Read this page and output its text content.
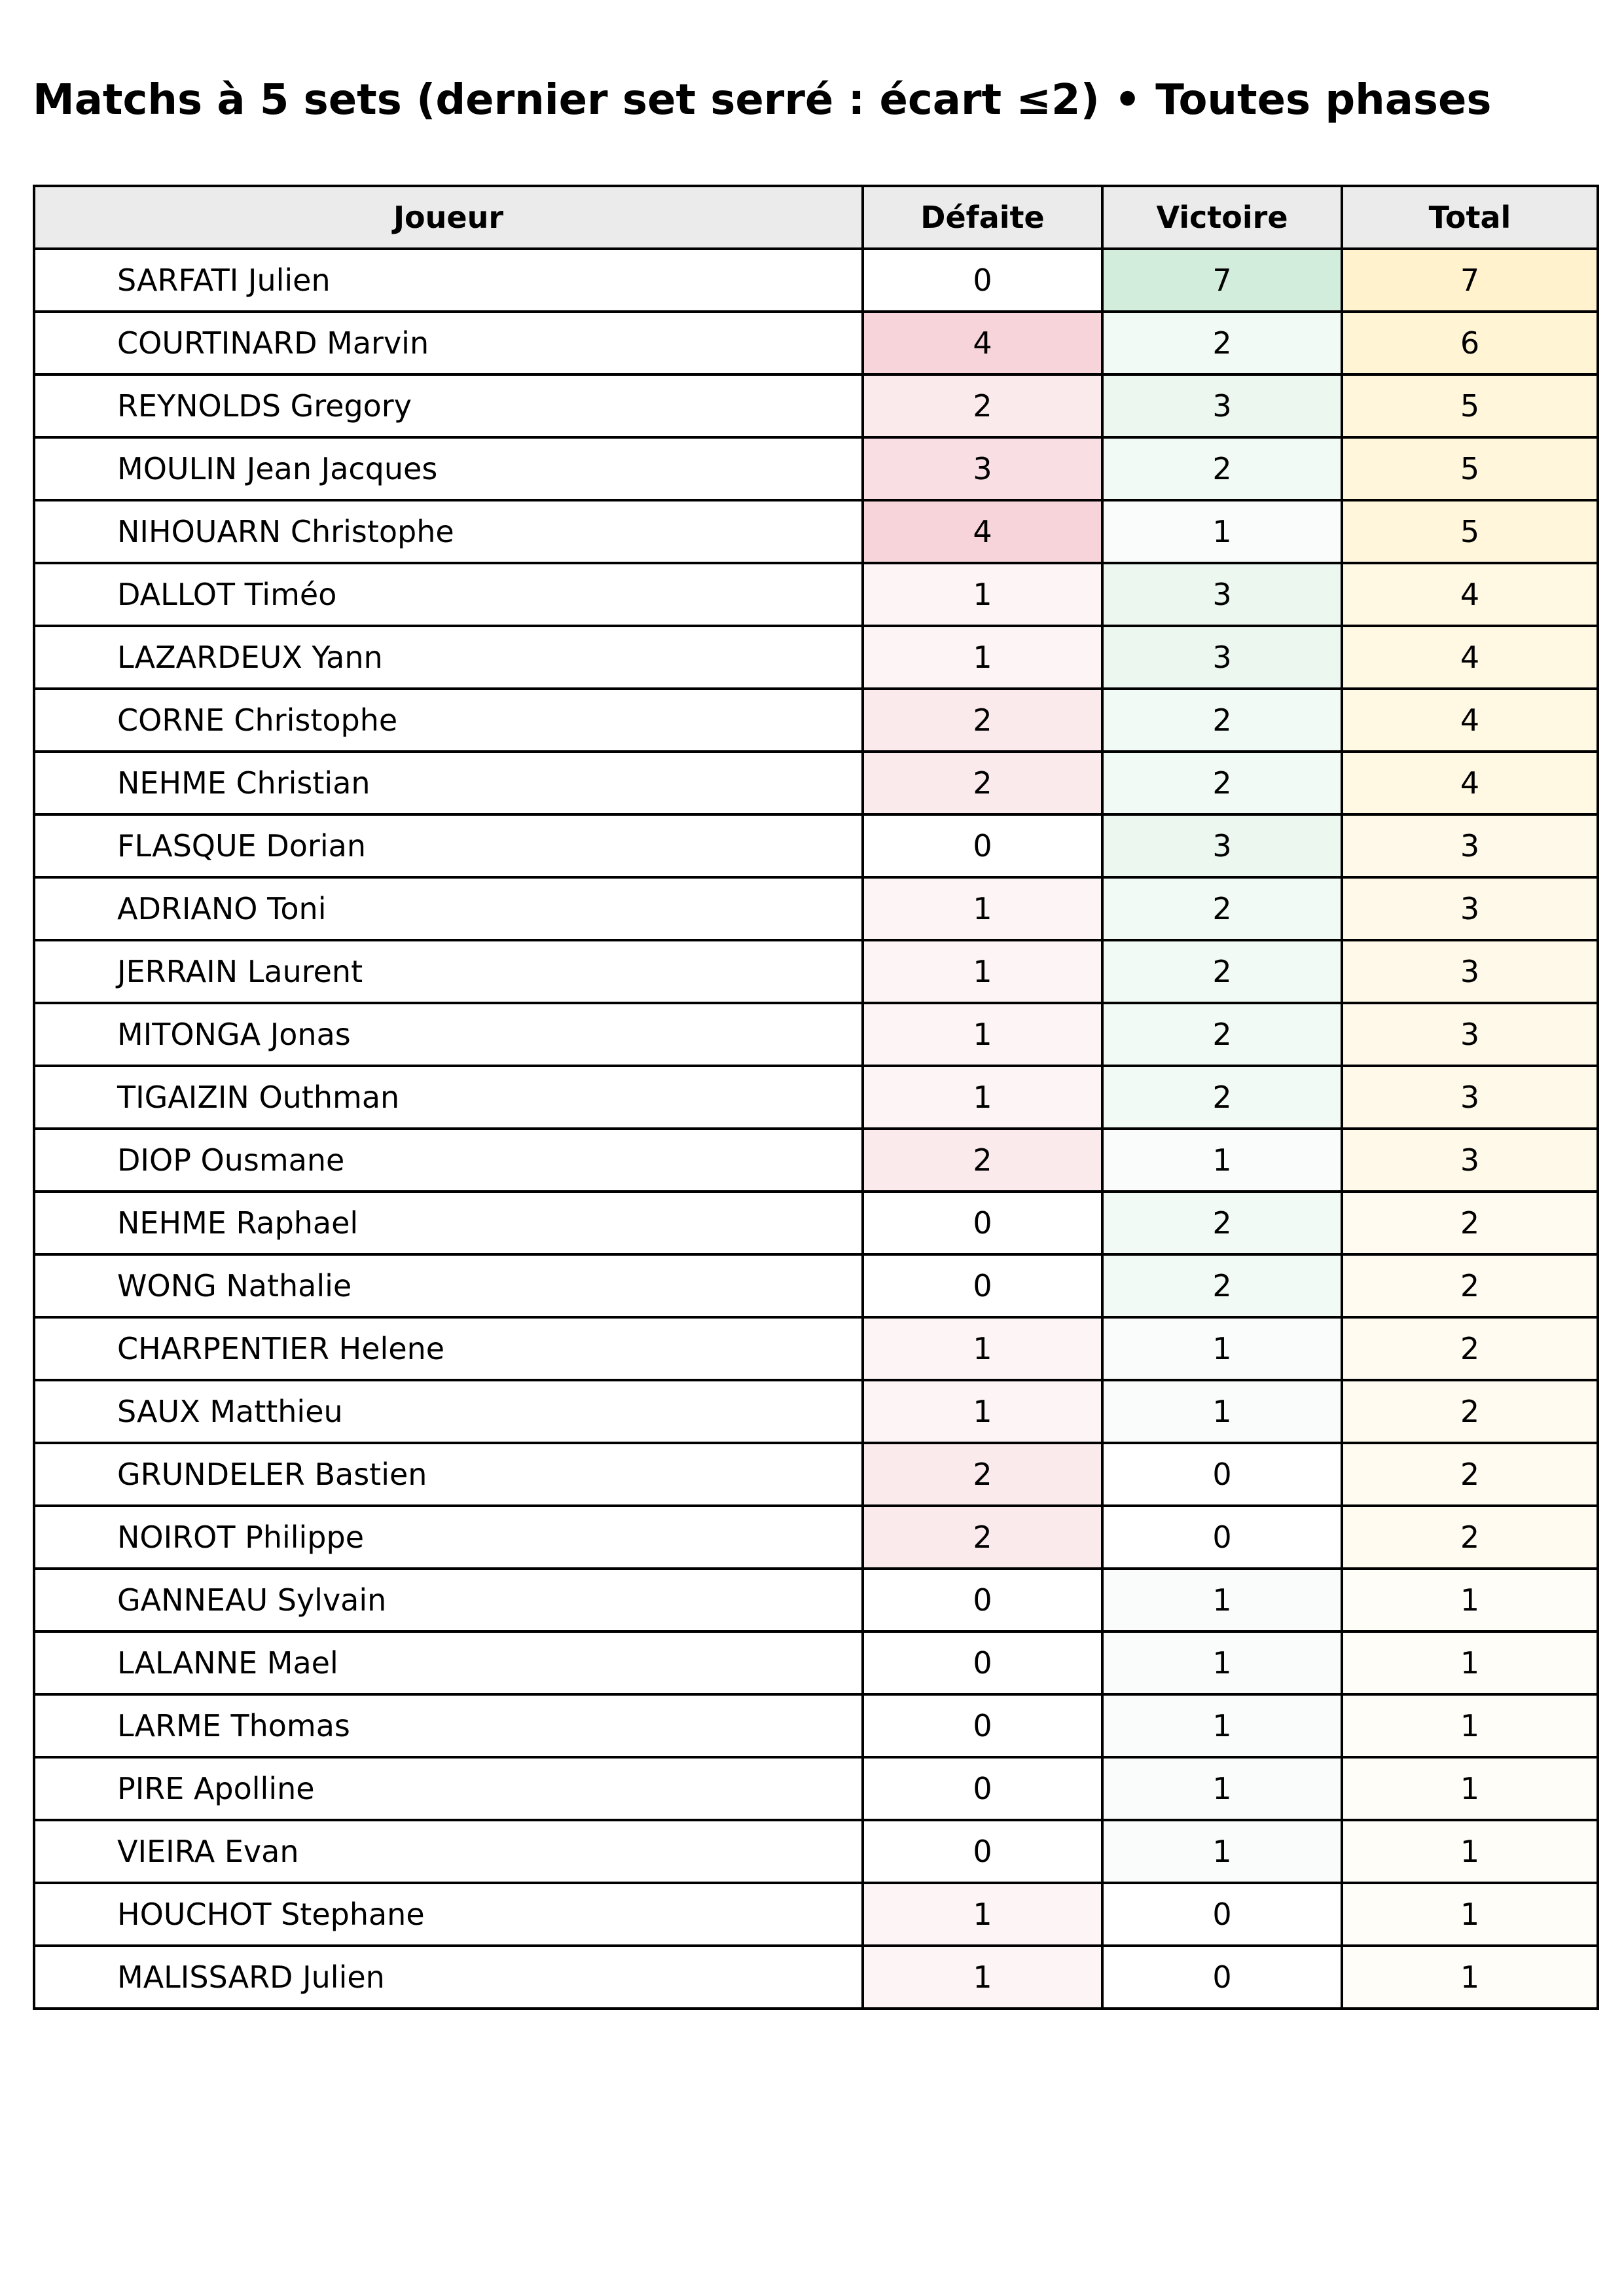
Matchs à 5 sets (dernier set serré : écart ≤2) • Toutes phases
Joueur	Défaite	Victoire	Total
SARFATI Julien	0	7	7
COURTINARD Marvin	4	2	6
REYNOLDS Gregory	2	3	5
MOULIN Jean Jacques	3	2	5
NIHOUARN Christophe	4	1	5
DALLOT Timéo	1	3	4
LAZARDEUX Yann	1	3	4
CORNE Christophe	2	2	4
NEHME Christian	2	2	4
FLASQUE Dorian	0	3	3
ADRIANO Toni	1	2	3
JERRAIN Laurent	1	2	3
MITONGA Jonas	1	2	3
TIGAIZIN Outhman	1	2	3
DIOP Ousmane	2	1	3
NEHME Raphael	0	2	2
WONG Nathalie	0	2	2
CHARPENTIER Helene	1	1	2
SAUX Matthieu	1	1	2
GRUNDELER Bastien	2	0	2
NOIROT Philippe	2	0	2
GANNEAU Sylvain	0	1	1
LALANNE Mael	0	1	1
LARME Thomas	0	1	1
PIRE Apolline	0	1	1
VIEIRA Evan	0	1	1
HOUCHOT Stephane	1	0	1
MALISSARD Julien	1	0	1
